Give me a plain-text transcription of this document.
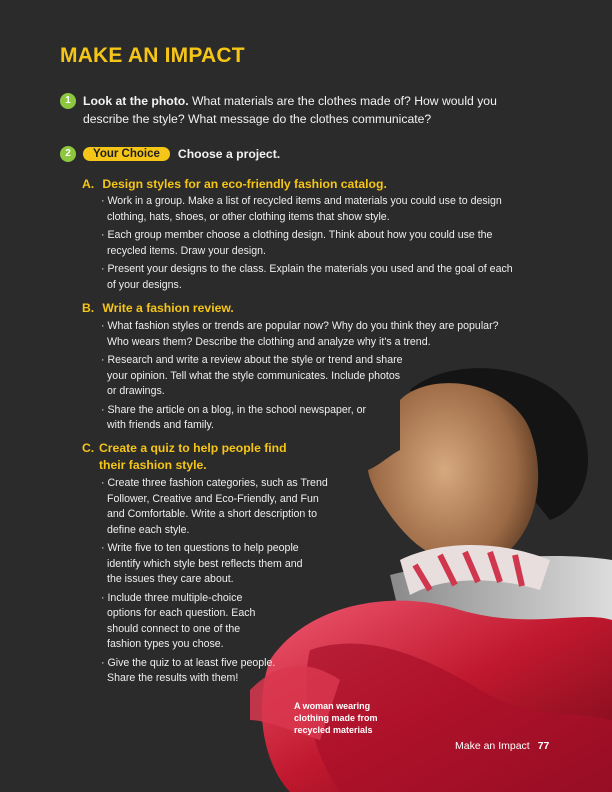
MAKE AN IMPACT
1	Look at the photo. What materials are the clothes made of? How would you describe the style? What message do the clothes communicate?
2	Your Choice	Choose a project.
A. Design styles for an eco-friendly fashion catalog.
· Work in a group. Make a list of recycled items and materials you could use to design clothing, hats, shoes, or other clothing items that show style.
· Each group member choose a clothing design. Think about how you could use the recycled items. Draw your design.
· Present your designs to the class. Explain the materials you used and the goal of each of your designs.
B. Write a fashion review.
· What fashion styles or trends are popular now? Why do you think they are popular? Who wears them? Describe the clothing and analyze why it's a trend.
· Research and write a review about the style or trend and share your opinion. Tell what the style communicates. Include photos or drawings.
· Share the article on a blog, in the school newspaper, or with friends and family.
C. Create a quiz to help people find their fashion style.
· Create three fashion categories, such as Trend Follower, Creative and Eco-Friendly, and Fun and Comfortable. Write a short description to define each style.
· Write five to ten questions to help people identify which style best reflects them and the issues they care about.
· Include three multiple-choice options for each question. Each should connect to one of the fashion types you chose.
· Give the quiz to at least five people. Share the results with them!
A woman wearing clothing made from recycled materials
Make an Impact 77
